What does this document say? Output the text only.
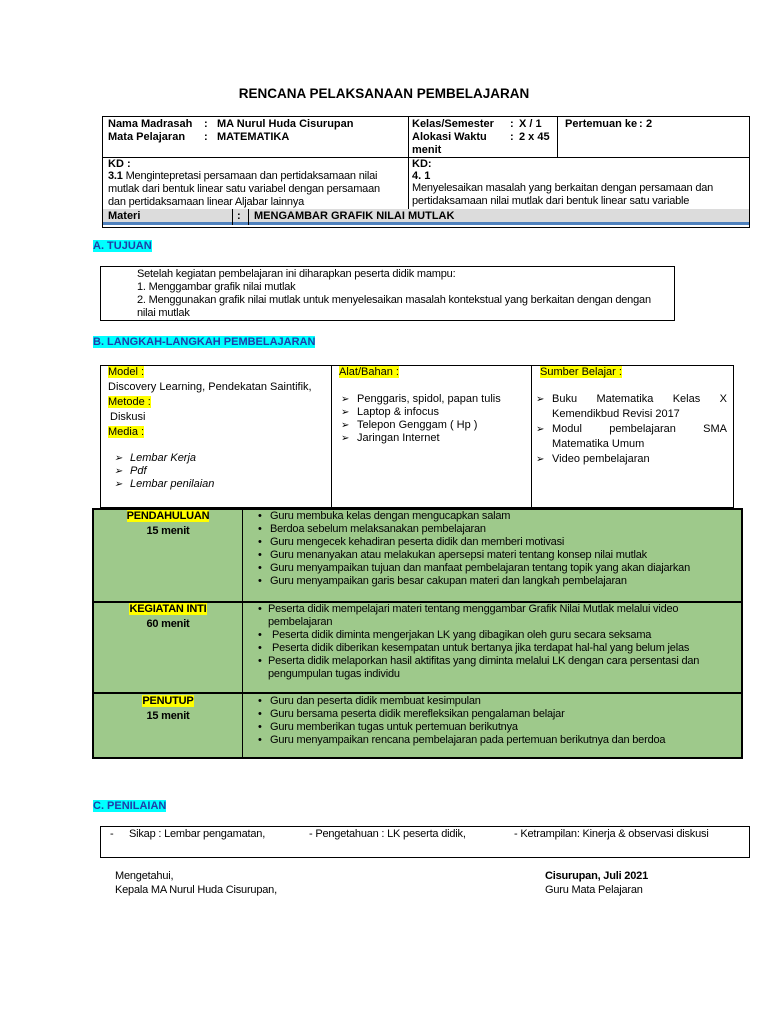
RENCANA PELAKSANAAN PEMBELAJARAN
Nama Madrasah : MA Nurul Huda Cisurupan
Mata Pelajaran : MATEMATIKA
Kelas/Semester : X / 1
Alokasi Waktu : 2 x 45
menit
Pertemuan ke : 2
KD :
3.1 Mengintepretasi persamaan dan pertidaksamaan nilai
mutlak dari bentuk linear satu variabel dengan persamaan
dan pertidaksamaan linear Aljabar lainnya
KD:
4. 1
Menyelesaikan masalah yang berkaitan dengan persamaan dan
pertidaksamaan nilai mutlak dari bentuk linear satu variable
Materi	: MENGAMBAR GRAFIK NILAI MUTLAK
A. TUJUAN
Setelah kegiatan pembelajaran ini diharapkan peserta didik mampu:
1. Menggambar grafik nilai mutlak
2. Menggunakan grafik nilai mutlak untuk menyelesaikan masalah kontekstual yang berkaitan dengan dengan
nilai mutlak
B. LANGKAH-LANGKAH PEMBELAJARAN
Model :
Discovery Learning, Pendekatan Saintifik,
Metode :
Diskusi
Media :
➢ Lembar Kerja
➢ Pdf
➢ Lembar penilaian
Alat/Bahan :
➢ Penggaris, spidol, papan tulis
➢ Laptop & infocus
➢ Telepon Genggam ( Hp )
➢ Jaringan Internet
Sumber Belajar :
➢ Buku Matematika Kelas X
Kemendikbud Revisi 2017
➢ Modul pembelajaran SMA
Matematika Umum
➢ Video pembelajaran
PENDAHULUAN
15 menit
• Guru membuka kelas dengan mengucapkan salam
• Berdoa sebelum melaksanakan pembelajaran
• Guru mengecek kehadiran peserta didik dan memberi motivasi
• Guru menanyakan atau melakukan apersepsi materi tentang konsep nilai mutlak
• Guru menyampaikan tujuan dan manfaat pembelajaran tentang topik yang akan diajarkan
• Guru menyampaikan garis besar cakupan materi dan langkah pembelajaran
KEGIATAN INTI
60 menit
• Peserta didik mempelajari materi tentang menggambar Grafik Nilai Mutlak melalui video
pembelajaran
• Peserta didik diminta mengerjakan LK yang dibagikan oleh guru secara seksama
• Peserta didik diberikan kesempatan untuk bertanya jika terdapat hal-hal yang belum jelas
• Peserta didik melaporkan hasil aktifitas yang diminta melalui LK dengan cara persentasi dan
pengumpulan tugas individu
PENUTUP
15 menit
• Guru dan peserta didik membuat kesimpulan
• Guru bersama peserta didik merefleksikan pengalaman belajar
• Guru memberikan tugas untuk pertemuan berikutnya
• Guru menyampaikan rencana pembelajaran pada pertemuan berikutnya dan berdoa
C. PENILAIAN
- Sikap : Lembar pengamatan,	- Pengetahuan : LK peserta didik,	- Ketrampilan: Kinerja & observasi diskusi
Mengetahui,
Kepala MA Nurul Huda Cisurupan,
Cisurupan, Juli 2021
Guru Mata Pelajaran
